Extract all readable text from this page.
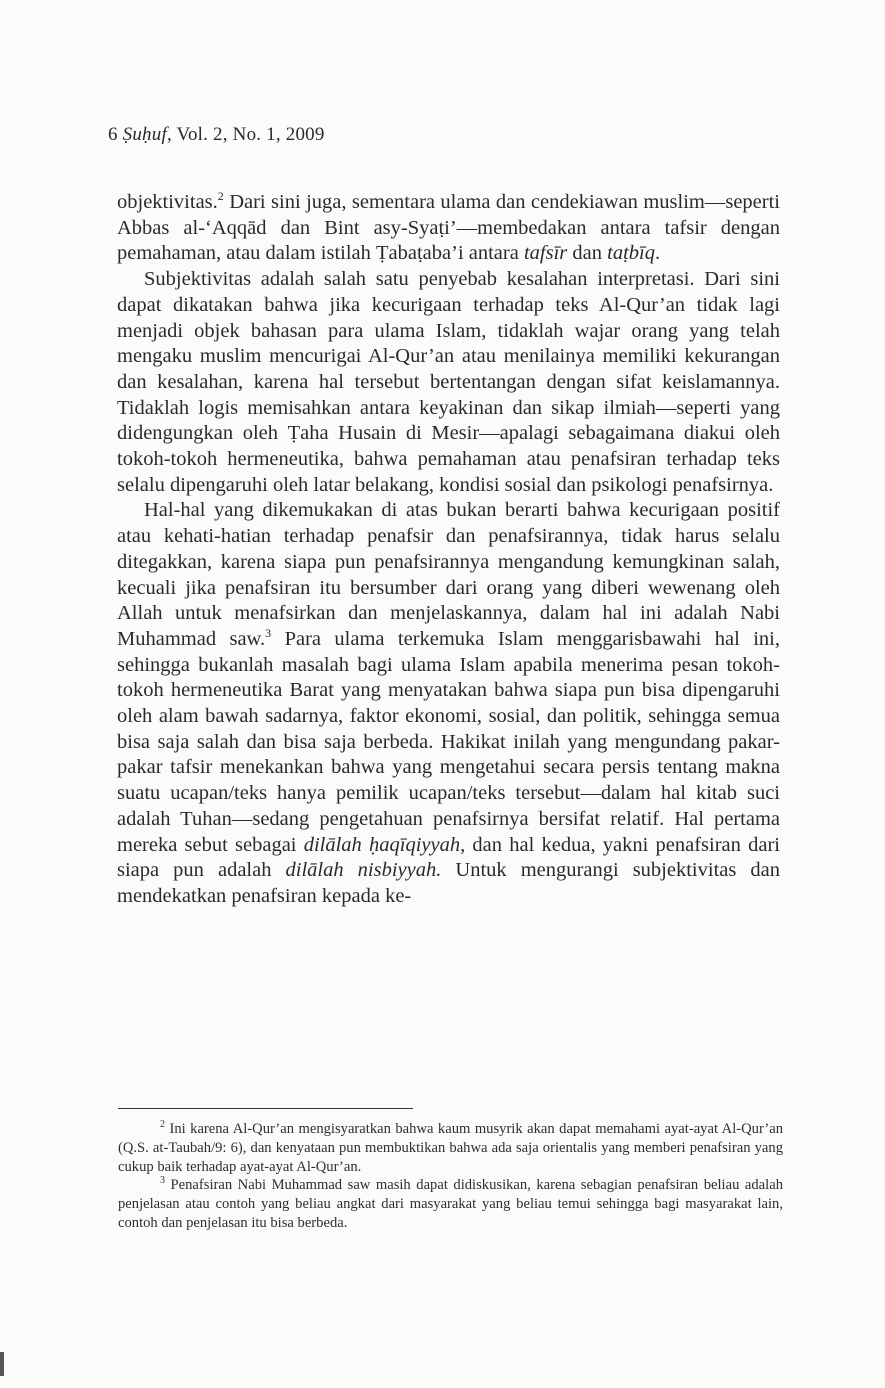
6 Ṣuḥuf, Vol. 2, No. 1, 2009

objektivitas.$^2$ Dari sini juga, sementara ulama dan cendekiawan muslim—seperti Abbas al-‘Aqqād dan Bint asy-Syaṭi’—membedakan antara tafsir dengan pemahaman, atau dalam istilah Ṭabaṭaba’i antara tafsīr dan taṭbīq.

Subjektivitas adalah salah satu penyebab kesalahan interpretasi. Dari sini dapat dikatakan bahwa jika kecurigaan terhadap teks Al-Qur’an tidak lagi menjadi objek bahasan para ulama Islam, tidaklah wajar orang yang telah mengaku muslim mencurigai Al-Qur’an atau menilainya memiliki kekurangan dan kesalahan, karena hal tersebut bertentangan dengan sifat keislamannya. Tidaklah logis memisahkan antara keyakinan dan sikap ilmiah—seperti yang didengungkan oleh Ṭaha Husain di Mesir—apalagi sebagaimana diakui oleh tokoh-tokoh hermeneutika, bahwa pemahaman atau penafsiran terhadap teks selalu dipengaruhi oleh latar belakang, kondisi sosial dan psikologi penafsirnya.

Hal-hal yang dikemukakan di atas bukan berarti bahwa kecurigaan positif atau kehati-hatian terhadap penafsir dan penafsirannya, tidak harus selalu ditegakkan, karena siapa pun penafsirannya mengandung kemungkinan salah, kecuali jika penafsiran itu bersumber dari orang yang diberi wewenang oleh Allah untuk menafsirkan dan menjelaskannya, dalam hal ini adalah Nabi Muhammad saw.$^3$ Para ulama terkemuka Islam menggarisbawahi hal ini, sehingga bukanlah masalah bagi ulama Islam apabila menerima pesan tokoh-tokoh hermeneutika Barat yang menyatakan bahwa siapa pun bisa dipengaruhi oleh alam bawah sadarnya, faktor ekonomi, sosial, dan politik, sehingga semua bisa saja salah dan bisa saja berbeda. Hakikat inilah yang mengundang pakar-pakar tafsir menekankan bahwa yang mengetahui secara persis tentang makna suatu ucapan/teks hanya pemilik ucapan/teks tersebut—dalam hal kitab suci adalah Tuhan—sedang pengetahuan penafsirnya bersifat relatif. Hal pertama mereka sebut sebagai dilālah ḥaqīqiyyah, dan hal kedua, yakni penafsiran dari siapa pun adalah dilālah nisbiyyah. Untuk mengurangi subjektivitas dan mendekatkan penafsiran kepada ke-

$^2$ Ini karena Al-Qur’an mengisyaratkan bahwa kaum musyrik akan dapat memahami ayat-ayat Al-Qur’an (Q.S. at-Taubah/9: 6), dan kenyataan pun membuktikan bahwa ada saja orientalis yang memberi penafsiran yang cukup baik terhadap ayat-ayat Al-Qur’an.

$^3$ Penafsiran Nabi Muhammad saw masih dapat didiskusikan, karena sebagian penafsiran beliau adalah penjelasan atau contoh yang beliau angkat dari masyarakat yang beliau temui sehingga bagi masyarakat lain, contoh dan penjelasan itu bisa berbeda.
